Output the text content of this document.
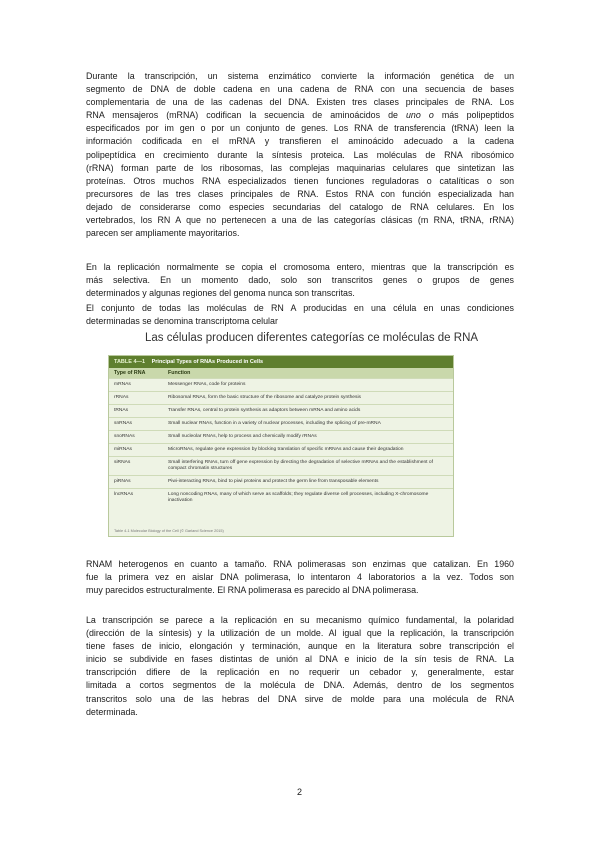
Durante la transcripción, un sistema enzimático convierte la información genética de un
segmento de DNA de doble cadena en una cadena de RNA con una secuencia de bases
complementaria de una de las cadenas del DNA. Existen tres clases principales de RNA. Los
RNA mensajeros (mRNA) codifican la secuencia de aminoácidos de uno o más polipeptidos
especificados por im gen o por un conjunto de genes. Los RNA de transferencia (tRNA) leen la
información codificada en el mRNA y transfieren el aminoácido adecuado a la cadena
polipeptídica en crecimiento durante la síntesis proteica. Las moléculas de RNA ribosómico
(rRNA) forman parte de los ribosomas, las complejas maquinarias celulares que sintetizan las
proteínas. Otros muchos RNA especializados tienen funciones reguladoras o catalíticas o son
precursores de las tres clases principales de RNA. Estos RNA con función especializada han
dejado de considerarse como especies secundarias del catalogo de RNA celulares. En los
vertebrados, los RN A que no pertenecen a una de las categorías clásicas (m RNA, tRNA, rRNA)
parecen ser ampliamente mayoritarios.
En la replicación normalmente se copia el cromosoma entero, mientras que la transcripción es
más selectiva. En un momento dado, solo son transcritos genes o grupos de genes
determinados y algunas regiones del genoma nunca son transcritas.
El conjunto de todas las moléculas de RN A producidas en una célula en unas condiciones
determinadas se denomina transcriptoma celular
Las células producen diferentes categorías ce moléculas de RNA
TABLE 4—1 Principal Types of RNAs Produced in Cells
Type of RNA	Function
mRNAs	Messenger RNAs, code for proteins
rRNAs	Ribosomal RNAs, form the basic structure of the ribosome and catalyze protein synthesis
tRNAs	Transfer RNAs, central to protein synthesis as adaptors between mRNA and amino acids
snRNAs	Small nuclear RNAs, function in a variety of nuclear processes, including the splicing of pre-mRNA
snoRNAs	Small nucleolar RNAs, help to process and chemically modify rRNAs
miRNAs	MicroRNAs, regulate gene expression by blocking translation of specific mRNAs and cause their degradation
siRNAs	Small interfering RNAs, turn off gene expression by directing the degradation of selective mRNAs and the establishment of compact chromatin structures
piRNAs	Piwi-interacting RNAs, bind to piwi proteins and protect the germ line from transposable elements
lncRNAs	Long noncoding RNAs, many of which serve as scaffolds; they regulate diverse cell processes, including X-chromosome inactivation
Table 4-1 Molecular Biology of the Cell (© Garland Science 2015)
RNAM heterogenos en cuanto a tamaño. RNA polimerasas son enzimas que catalizan. En 1960
fue la primera vez en aislar DNA polimerasa, lo intentaron 4 laboratorios a la vez. Todos son
muy parecidos estructuralmente. El RNA polimerasa es parecido al DNA polimerasa.
La transcripción se parece a la replicación en su mecanismo químico fundamental, la polaridad
(dirección de la síntesis) y la utilización de un molde. Al igual que la replicación, la transcripción
tiene fases de inicio, elongación y terminación, aunque en la literatura sobre transcripción el
inicio se subdivide en fases distintas de unión al DNA e inicio de la sín tesis de RNA. La
transcripción difiere de la replicación en no requerir un cebador y, generalmente, estar
limitada a cortos segmentos de la molécula de DNA. Además, dentro de los segmentos
transcritos solo una de las hebras del DNA sirve de molde para una molécula de RNA
determinada.
2
